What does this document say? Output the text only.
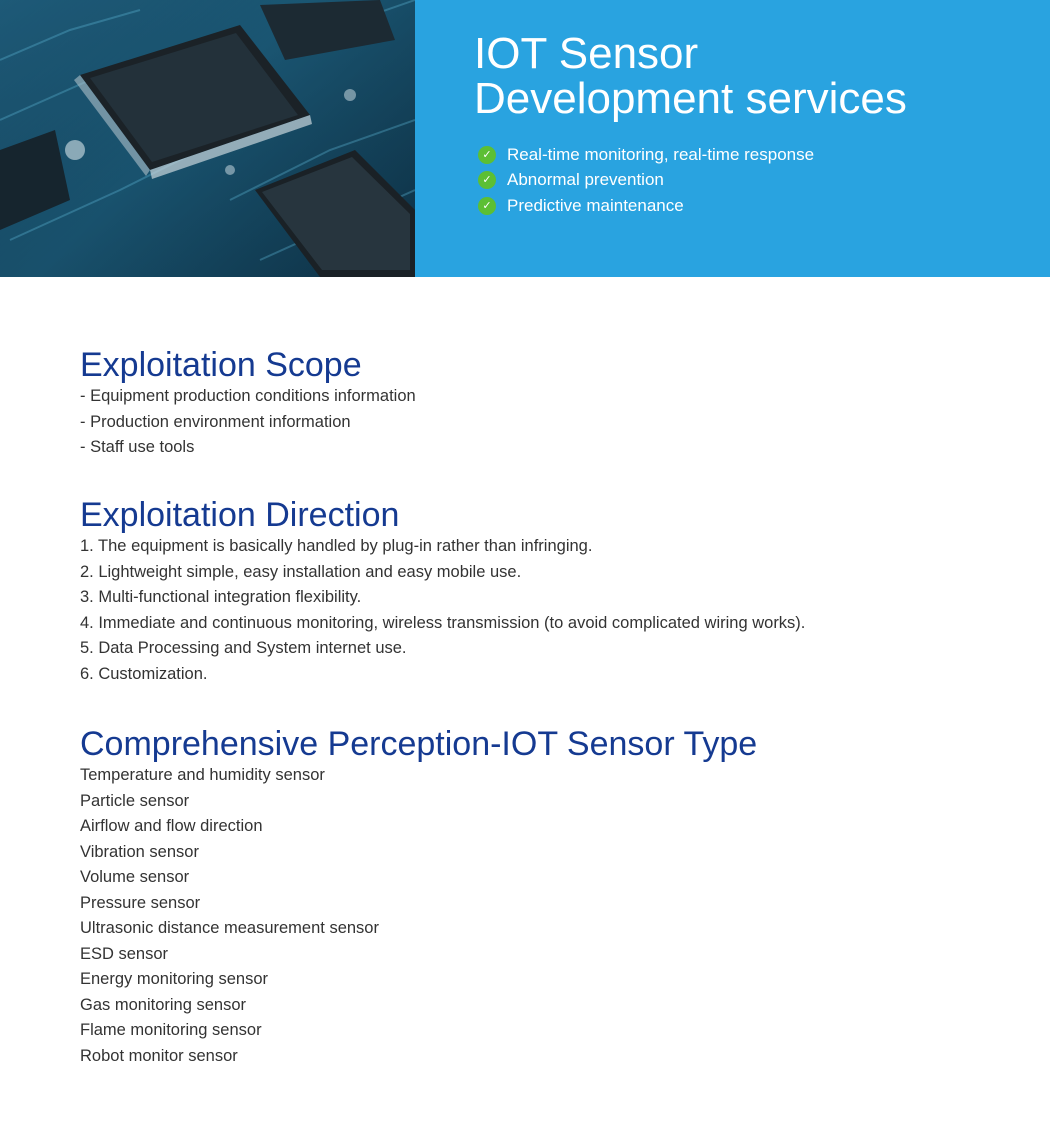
IOT Sensor
Development services
✓ Real-time monitoring, real-time response
✓ Abnormal prevention
✓ Predictive maintenance
Exploitation Scope
- Equipment production conditions information
- Production environment information
- Staff use tools
Exploitation Direction
1. The equipment is basically handled by plug-in rather than infringing.
2. Lightweight simple, easy installation and easy mobile use.
3. Multi-functional integration flexibility.
4. Immediate and continuous monitoring, wireless transmission (to avoid complicated wiring works).
5. Data Processing and System internet use.
6. Customization.
Comprehensive Perception-IOT Sensor Type
Temperature and humidity sensor
Particle sensor
Airflow and flow direction
Vibration sensor
Volume sensor
Pressure sensor
Ultrasonic distance measurement sensor
ESD sensor
Energy monitoring sensor
Gas monitoring sensor
Flame monitoring sensor
Robot monitor sensor
